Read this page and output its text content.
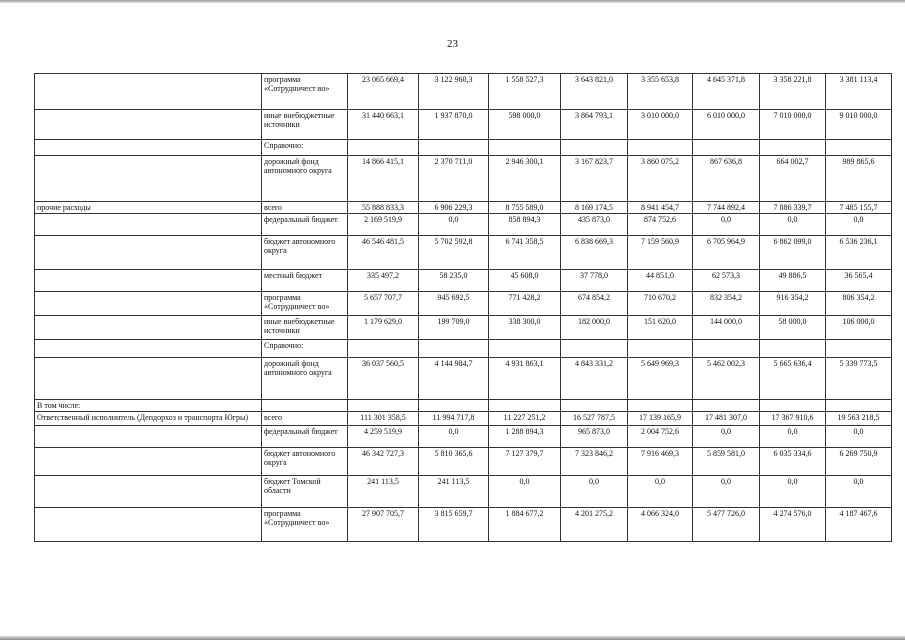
23
	программа «Сотрудничест во»	23 065 669,4	3 122 960,3	1 558 527,3	3 643 821,0	3 355 653,8	4 645 371,8	3 358 221,8	3 381 113,4
	иные внебюджетные источники	31 440 663,1	1 937 870,0	598 000,0	3 864 793,1	3 010 000,0	6 010 000,0	7 010 000,0	9 010 000,0
	Справочно:								
	дорожный фонд автономного округа	14 866 415,1	2 370 711,0	2 946 300,1	3 167 823,7	3 860 075,2	867 636,8	664 002,7	989 865,6
прочие расходы	всего	55 888 833,3	6 906 229,3	8 755 589,0	8 169 174,5	8 941 454,7	7 744 892,4	7 886 339,7	7 485 155,7
	федеральный бюджет	2 169 519,9	0,0	858 894,3	435 873,0	874 752,6	0,0	0,0	0,0
	бюджет автономного округа	46 546 481,5	5 702 592,8	6 741 358,5	6 838 669,3	7 159 560,9	6 705 964,9	6 862 099,0	6 536 236,1
	местный бюджет	335 497,2	58 235,0	45 608,0	37 778,0	44 851,0	62 573,3	49 886,5	36 565,4
	программа «Сотрудничест во»	5 657 707,7	945 692,5	771 428,2	674 854,2	710 670,2	832 354,2	916 354,2	806 354,2
	иные внебюджетные источники	1 179 629,0	199 709,0	338 300,0	182 000,0	151 620,0	144 000,0	58 000,0	106 000,0
	Справочно:								
	дорожный фонд автономного округа	36 037 560,5	4 144 984,7	4 931 863,1	4 843 331,2	5 649 969,3	5 462 002,3	5 665 636,4	5 339 773,5
В том числе:									
Ответственный исполнитель (Депдорхоз и транспорта Югры)	всего	111 301 358,5	11 994 717,8	11 227 251,2	16 527 787,5	17 139 165,9	17 481 307,0	17 367 910,6	19 563 218,5
	федеральный бюджет	4 259 519,9	0,0	1 288 894,3	965 873,0	2 004 752,6	0,0	0,0	0,0
	бюджет автономного округа	46 342 727,3	5 810 365,6	7 127 379,7	7 323 846,2	7 916 469,3	5 859 581,0	6 035 334,6	6 269 750,9
	бюджет Томской области	241 113,5	241 113,5	0,0	0,0	0,0	0,0	0,0	0,0
	программа «Сотрудничест во»	27 907 705,7	3 815 659,7	1 884 677,2	4 201 275,2	4 066 324,0	5 477 726,0	4 274 576,0	4 187 467,6
